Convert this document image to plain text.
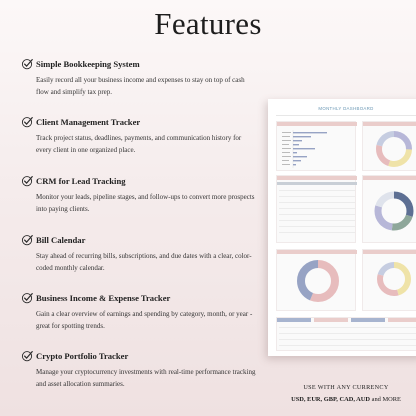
Features
Simple Bookkeeping System
Easily record all your business income and expenses to stay on top of cash flow and simplify tax prep.
Client Management Tracker
Track project status, deadlines, payments, and communication history for every client in one organized place.
CRM for Lead Tracking
Monitor your leads, pipeline stages, and follow-ups to convert more prospects into paying clients.
Bill Calendar
Stay ahead of recurring bills, subscriptions, and due dates with a clear, color-coded monthly calendar.
Business Income & Expense Tracker
Gain a clear overview of earnings and spending by category, month, or year - great for spotting trends.
Crypto Portfolio Tracker
Manage your cryptocurrency investments with real-time performance tracking and asset allocation summaries.
MONTHLY DASHBOARD
USE WITH ANY CURRENCY
USD, EUR, GBP, CAD, AUD and MORE
